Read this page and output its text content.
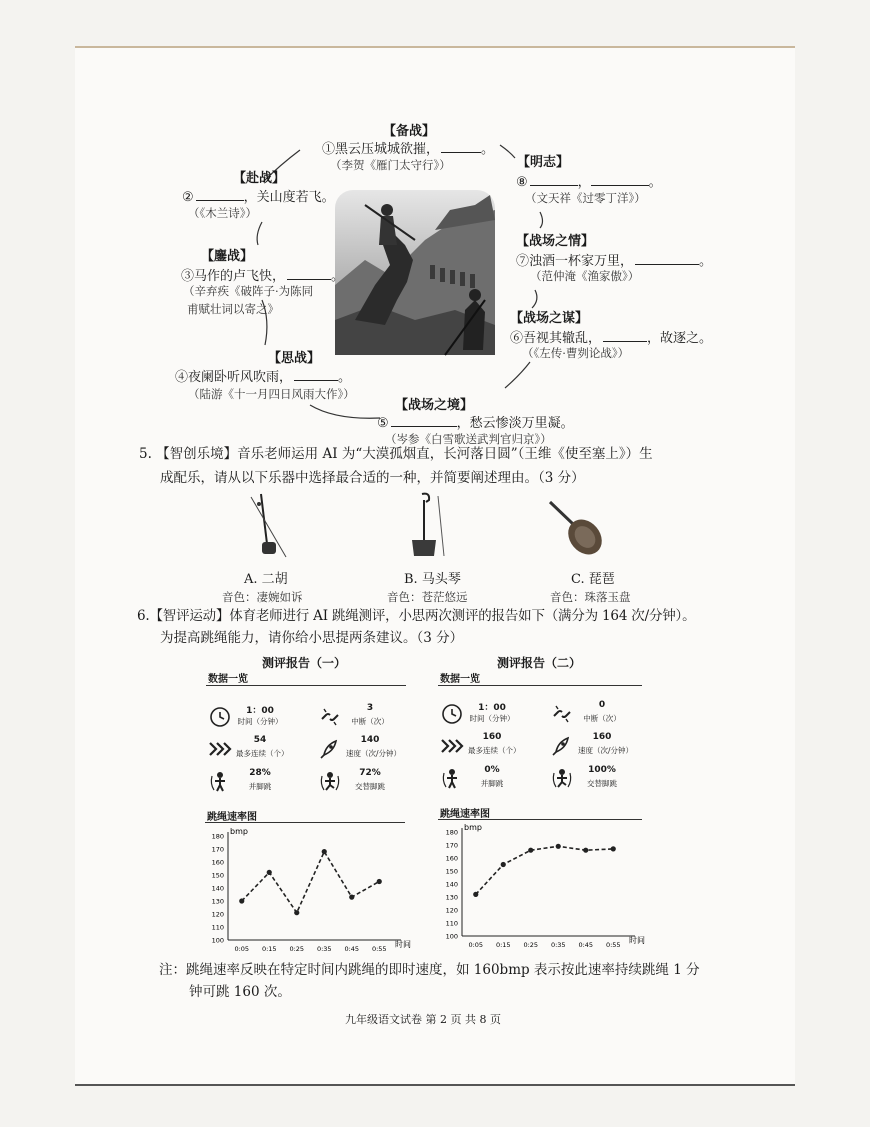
【备战】
①黑云压城城欲摧，	。
（李贺《雁门太守行》）	【明志】
⑧	，	。
（文天祥《过零丁洋》）
【赴战】
②	，关山度若飞。
（《木兰诗》）
【战场之情】
⑦浊酒一杯家万里，	。
（范仲淹《渔家傲》）
【鏖战】
③马作的卢飞快，	。
（辛弃疾《破阵子·为陈同
甫赋壮词以寄之》
【战场之谋】
⑥吾视其辙乱，	，故逐之。
（《左传·曹刿论战》）
【思战】
④夜阑卧听风吹雨，	。
（陆游《十一月四日风雨大作》）
【战场之境】
⑤	，愁云惨淡万里凝。
（岑参《白雪歌送武判官归京》）
5. 【智创乐境】音乐老师运用 AI 为“大漠孤烟直，长河落日圆”（王维《使至塞上》）生
成配乐，请从以下乐器中选择最合适的一种，并简要阐述理由。（3 分）
A. 二胡	B. 马头琴	C. 琵琶
音色：凄婉如诉	音色：苍茫悠远	音色：珠落玉盘
6.【智评运动】体育老师进行 AI 跳绳测评，小思两次测评的报告如下（满分为 164 次/分钟）。
为提高跳绳能力，请你给小思提两条建议。（3 分）
测评报告（一）
数据一览
测评报告（二）
数据一览
1：00
时间（分钟）
3
中断（次）
54
最多连续（个）
140
速度（次/分钟）
28%
并脚跳
72%
交替脚跳
1：00
时间（分钟）
0
中断（次）
160
最多连续（个）
160
速度（次/分钟）
0%
并脚跳
100%
交替脚跳
跳绳速率图	跳绳速率图
bmp
时间
100
110
120
130
140
150
160
170
180
0:05 0:15 0:25 0:35 0:45 0:55
bmp
时间
100
110
120
130
140
150
160
170
180
0:05 0:15 0:25 0:35 0:45 0:55
注：跳绳速率反映在特定时间内跳绳的即时速度，如 160bmp 表示按此速率持续跳绳 1 分
钟可跳 160 次。
九年级语文试卷 第 2 页 共 8 页
